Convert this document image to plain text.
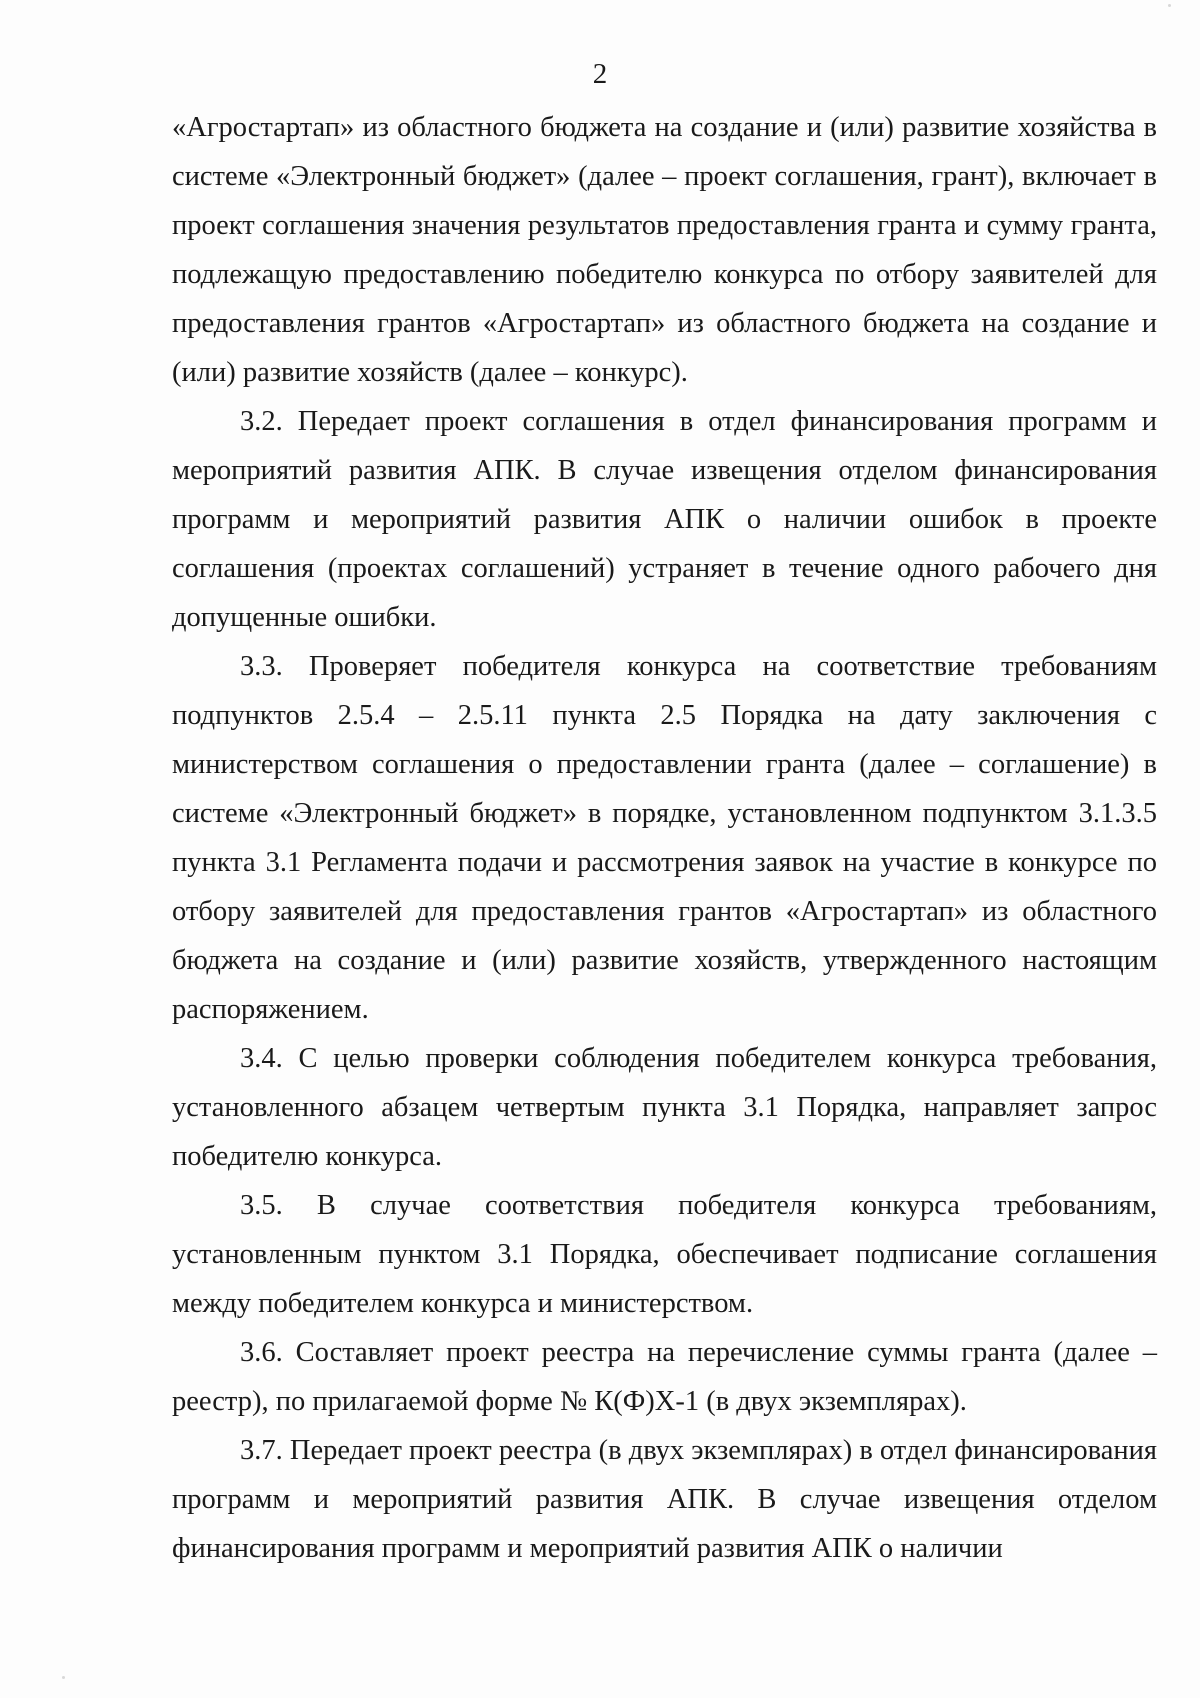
2

«Агростартап» из областного бюджета на создание и (или) развитие хозяйства в системе «Электронный бюджет» (далее – проект соглашения, грант), включает в проект соглашения значения результатов предоставления гранта и сумму гранта, подлежащую предоставлению победителю конкурса по отбору заявителей для предоставления грантов «Агростартап» из областного бюджета на создание и (или) развитие хозяйств (далее – конкурс).

3.2. Передает проект соглашения в отдел финансирования программ и мероприятий развития АПК. В случае извещения отделом финансирования программ и мероприятий развития АПК о наличии ошибок в проекте соглашения (проектах соглашений) устраняет в течение одного рабочего дня допущенные ошибки.

3.3. Проверяет победителя конкурса на соответствие требованиям подпунктов 2.5.4 – 2.5.11 пункта 2.5 Порядка на дату заключения с министерством соглашения о предоставлении гранта (далее – соглашение) в системе «Электронный бюджет» в порядке, установленном подпунктом 3.1.3.5 пункта 3.1 Регламента подачи и рассмотрения заявок на участие в конкурсе по отбору заявителей для предоставления грантов «Агростартап» из областного бюджета на создание и (или) развитие хозяйств, утвержденного настоящим распоряжением.

3.4. С целью проверки соблюдения победителем конкурса требования, установленного абзацем четвертым пункта 3.1 Порядка, направляет запрос победителю конкурса.

3.5. В случае соответствия победителя конкурса требованиям, установленным пунктом 3.1 Порядка, обеспечивает подписание соглашения между победителем конкурса и министерством.

3.6. Составляет проект реестра на перечисление суммы гранта (далее – реестр), по прилагаемой форме № К(Ф)Х-1 (в двух экземплярах).

3.7. Передает проект реестра (в двух экземплярах) в отдел финансирования программ и мероприятий развития АПК. В случае извещения отделом финансирования программ и мероприятий развития АПК о наличии
